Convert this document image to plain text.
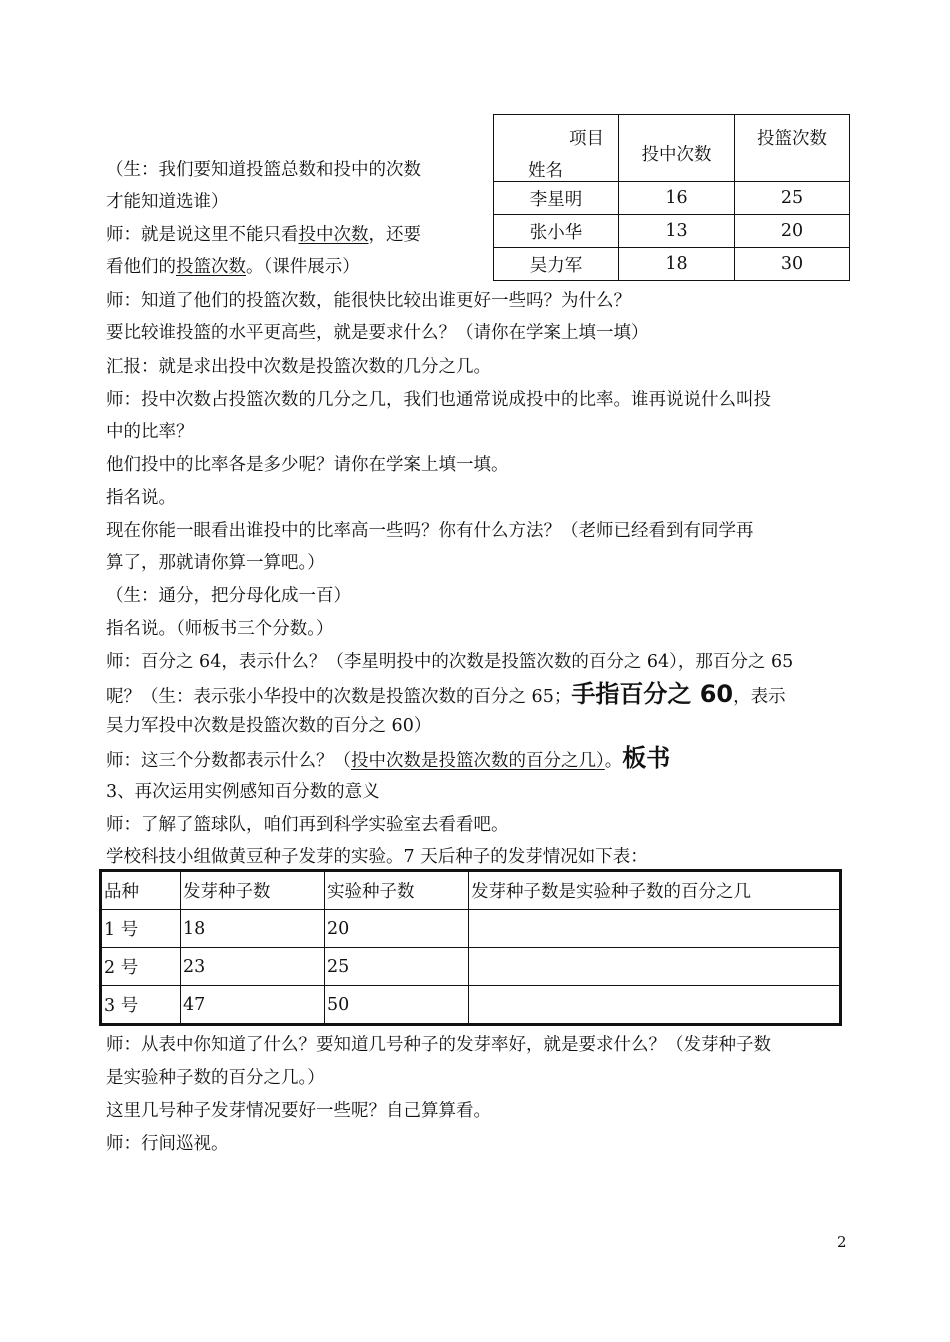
（生：我们要知道投篮总数和投中的次数
才能知道选谁）
师：就是说这里不能只看投中次数，还要
看他们的投篮次数。（课件展示）
项目
姓名	投中次数	投篮次数
李星明	16	25
张小华	13	20
吴力军	18	30
师：知道了他们的投篮次数，能很快比较出谁更好一些吗？为什么？
要比较谁投篮的水平更高些，就是要求什么？（请你在学案上填一填）
汇报：就是求出投中次数是投篮次数的几分之几。
师：投中次数占投篮次数的几分之几，我们也通常说成投中的比率。谁再说说什么叫投
中的比率？
他们投中的比率各是多少呢？请你在学案上填一填。
指名说。
现在你能一眼看出谁投中的比率高一些吗？你有什么方法？（老师已经看到有同学再
算了，那就请你算一算吧。）
（生：通分，把分母化成一百）
指名说。（师板书三个分数。）
师：百分之 64，表示什么？（李星明投中的次数是投篮次数的百分之 64），那百分之 65
呢？（生：表示张小华投中的次数是投篮次数的百分之 65；手指百分之 60，表示
吴力军投中次数是投篮次数的百分之 60）
师：这三个分数都表示什么？（投中次数是投篮次数的百分之几）。板书
3、再次运用实例感知百分数的意义
师：了解了篮球队，咱们再到科学实验室去看看吧。
学校科技小组做黄豆种子发芽的实验。7 天后种子的发芽情况如下表：
品种	发芽种子数	实验种子数	发芽种子数是实验种子数的百分之几
1 号	18	20	
2 号	23	25	
3 号	47	50	
师：从表中你知道了什么？要知道几号种子的发芽率好，就是要求什么？（发芽种子数
是实验种子数的百分之几。）
这里几号种子发芽情况要好一些呢？自己算算看。
师：行间巡视。
2
